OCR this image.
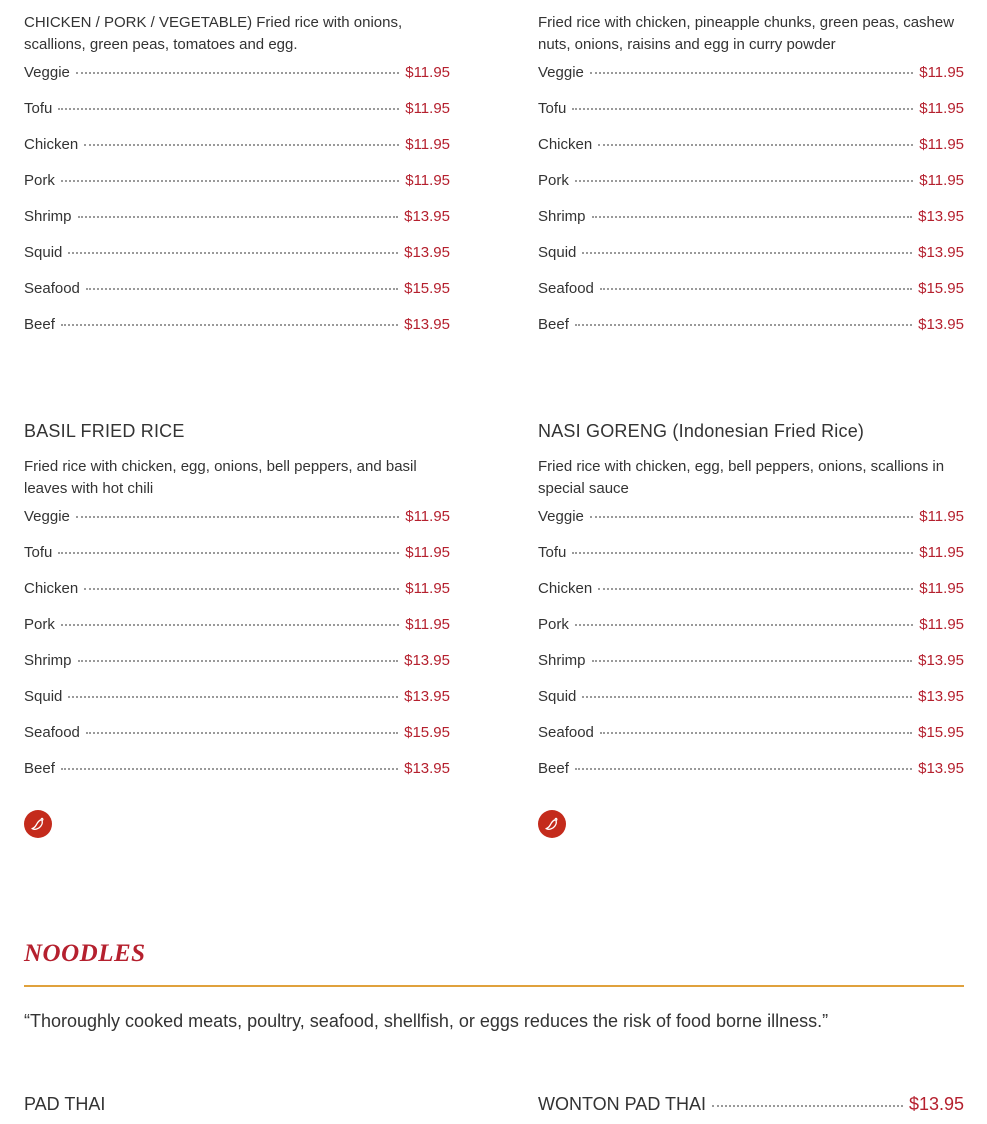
CHICKEN / PORK / VEGETABLE) Fried rice with onions, scallions, green peas, tomatoes and egg.

Veggie	$11.95
Tofu	$11.95
Chicken	$11.95
Pork	$11.95
Shrimp	$13.95
Squid	$13.95
Seafood	$15.95
Beef	$13.95

Fried rice with chicken, pineapple chunks, green peas, cashew nuts, onions, raisins and egg in curry powder

Veggie	$11.95
Tofu	$11.95
Chicken	$11.95
Pork	$11.95
Shrimp	$13.95
Squid	$13.95
Seafood	$15.95
Beef	$13.95
BASIL FRIED RICE

Fried rice with chicken, egg, onions, bell peppers, and basil leaves with hot chili

Veggie	$11.95
Tofu	$11.95
Chicken	$11.95
Pork	$11.95
Shrimp	$13.95
Squid	$13.95
Seafood	$15.95
Beef	$13.95
NASI GORENG (Indonesian Fried Rice)

Fried rice with chicken, egg, bell peppers, onions, scallions in special sauce

Veggie	$11.95
Tofu	$11.95
Chicken	$11.95
Pork	$11.95
Shrimp	$13.95
Squid	$13.95
Seafood	$15.95
Beef	$13.95
NOODLES

“Thoroughly cooked meats, poultry, seafood, shellfish, or eggs reduces the risk of food borne illness.”

PAD THAI	WONTON PAD THAI	$13.95
